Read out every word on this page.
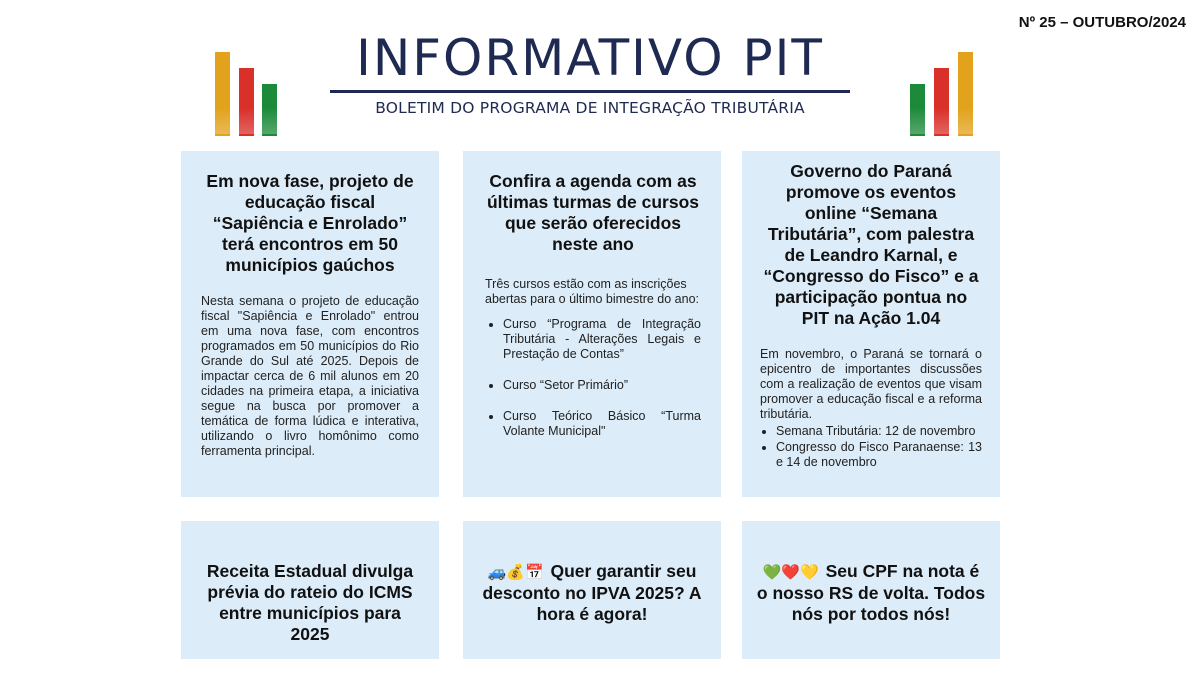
Nº 25 – OUTUBRO/2024
INFORMATIVO PIT
BOLETIM DO PROGRAMA DE INTEGRAÇÃO TRIBUTÁRIA
Em nova fase, projeto de educação fiscal “Sapiência e Enrolado” terá encontros em 50 municípios gaúchos
Nesta semana o projeto de educação fiscal "Sapiência e Enrolado" entrou em uma nova fase, com encontros programados em 50 municípios do Rio Grande do Sul até 2025. Depois de impactar cerca de 6 mil alunos em 20 cidades na primeira etapa, a iniciativa segue na busca por promover a temática de forma lúdica e interativa, utilizando o livro homônimo como ferramenta principal.
Confira a agenda com as últimas turmas de cursos que serão oferecidos neste ano
Três cursos estão com as inscrições abertas para o último bimestre do ano:
• Curso “Programa de Integração Tributária - Alterações Legais e Prestação de Contas”
• Curso “Setor Primário”
• Curso Teórico Básico “Turma Volante Municipal"
Governo do Paraná promove os eventos online “Semana Tributária”, com palestra de Leandro Karnal, e “Congresso do Fisco” e a participação pontua no PIT na Ação 1.04
Em novembro, o Paraná se tornará o epicentro de importantes discussões com a realização de eventos que visam promover a educação fiscal e a reforma tributária.
• Semana Tributária: 12 de novembro
• Congresso do Fisco Paranaense: 13 e 14 de novembro
Receita Estadual divulga prévia do rateio do ICMS entre municípios para 2025
🚙💰📅 Quer garantir seu desconto no IPVA 2025? A hora é agora!
💚❤️💛 Seu CPF na nota é o nosso RS de volta. Todos nós por todos nós!
